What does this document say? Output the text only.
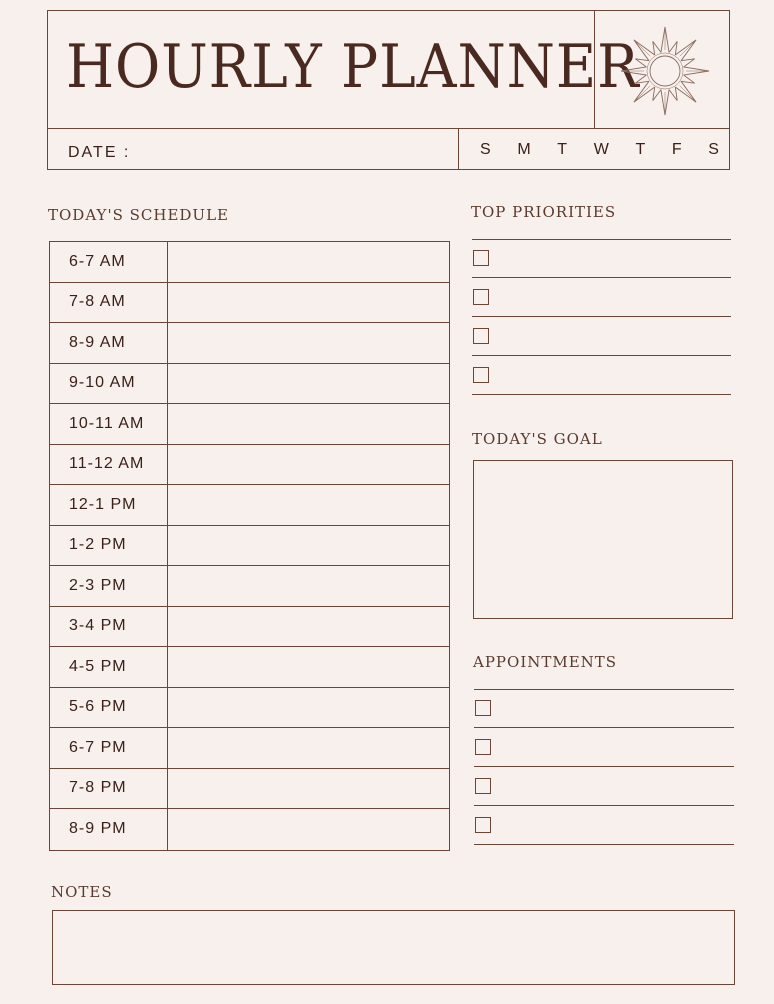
HOURLY PLANNER
DATE :	S M T W T F S
TODAY'S SCHEDULE
6-7 AM
7-8 AM
8-9 AM
9-10 AM
10-11 AM
11-12 AM
12-1 PM
1-2 PM
2-3 PM
3-4 PM
4-5 PM
5-6 PM
6-7 PM
7-8 PM
8-9 PM
TOP PRIORITIES
TODAY'S GOAL
APPOINTMENTS
NOTES
